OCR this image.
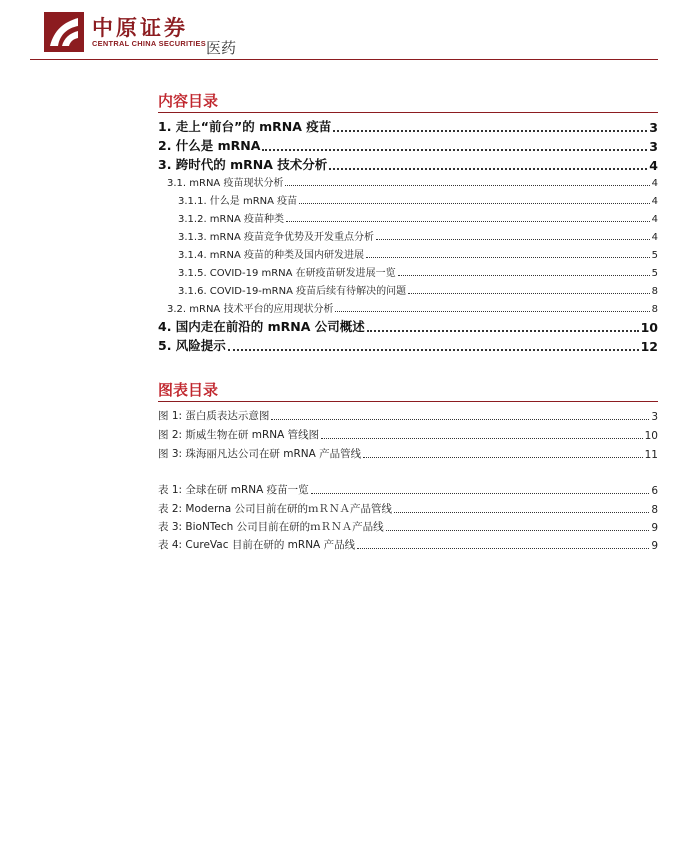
中原证券
CENTRAL CHINA SECURITIES 医药
内容目录
1. 走上“前台”的 mRNA 疫苗	3
2. 什么是 mRNA	3
3. 跨时代的 mRNA 技术分析	4
3.1. mRNA 疫苗现状分析	4
3.1.1. 什么是 mRNA 疫苗	4
3.1.2. mRNA 疫苗种类	4
3.1.3. mRNA 疫苗竞争优势及开发重点分析	4
3.1.4. mRNA 疫苗的种类及国内研发进展	5
3.1.5. COVID-19 mRNA 在研疫苗研发进展一览	5
3.1.6. COVID-19-mRNA 疫苗后续有待解决的问题	8
3.2. mRNA 技术平台的应用现状分析	8
4. 国内走在前沿的 mRNA 公司概述	10
5. 风险提示	12
图表目录
图 1: 蛋白质表达示意图	3
图 2: 斯威生物在研 mRNA 管线图	10
图 3: 珠海丽凡达公司在研 mRNA 产品管线	11
表 1: 全球在研 mRNA 疫苗一览	6
表 2: Moderna 公司目前在研的ｍＲＮＡ产品管线	8
表 3: BioNTech 公司目前在研的ｍＲＮＡ产品线	9
表 4: CureVac 目前在研的 mRNA 产品线	9
